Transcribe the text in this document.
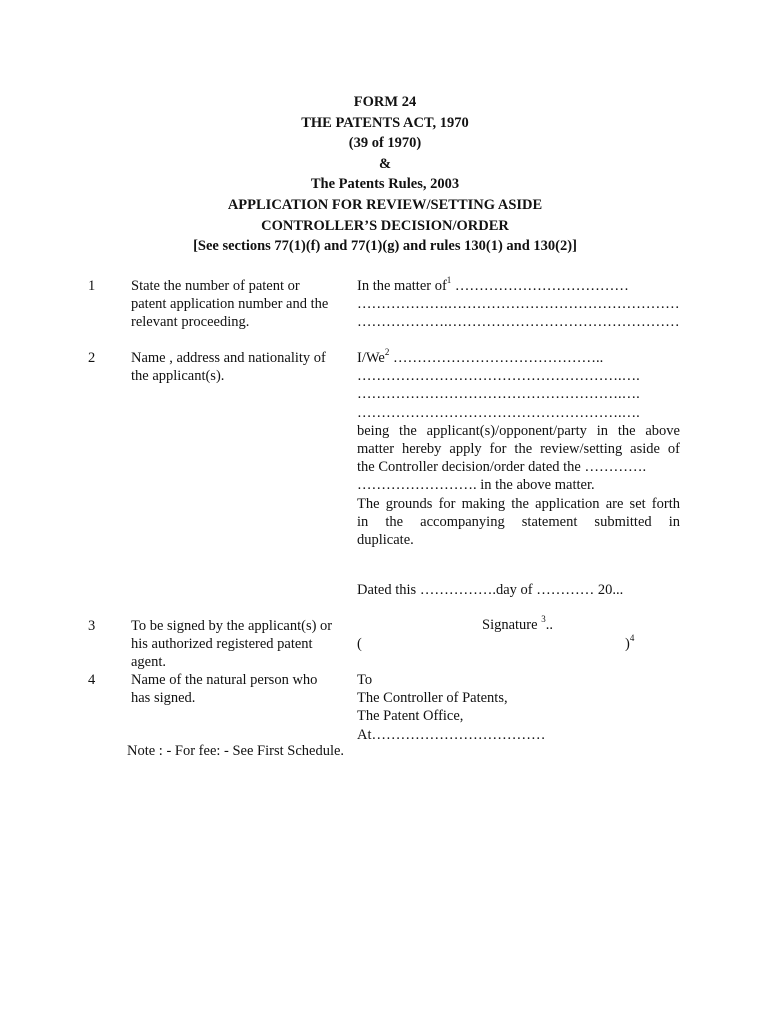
FORM 24
THE PATENTS ACT, 1970
(39 of 1970)
&
The Patents Rules, 2003
APPLICATION FOR REVIEW/SETTING ASIDE
CONTROLLER’S DECISION/ORDER
[See sections 77(1)(f) and 77(1)(g) and rules 130(1) and 130(2)]
1 State the number of patent or
patent application number and the
relevant proceeding.
In the matter $of^1$ ………………………………
……………….…………………………………………
……………….…………………………………………
2 Name , address and nationality of
the applicant(s).
I/We$^2$ ……………………………………..
……………………………………………….….
……………………………………………….….
……………………………………………….….
being the applicant(s)/opponent/party in the above
matter hereby apply for the review/setting aside of
the Controller decision/order dated the ………….
……………………. in the above matter.
The grounds for making the application are set forth
in the accompanying statement submitted in
duplicate.
Dated this …………….day of ………… 20...
3 To be signed by the applicant(s) or
his authorized registered patent
agent.
Signature $^3$..
(	)$^4$
4 Name of the natural person who
has signed.
To
The Controller of Patents,
The Patent Office,
At………………………………
Note : - For fee: - See First Schedule.
